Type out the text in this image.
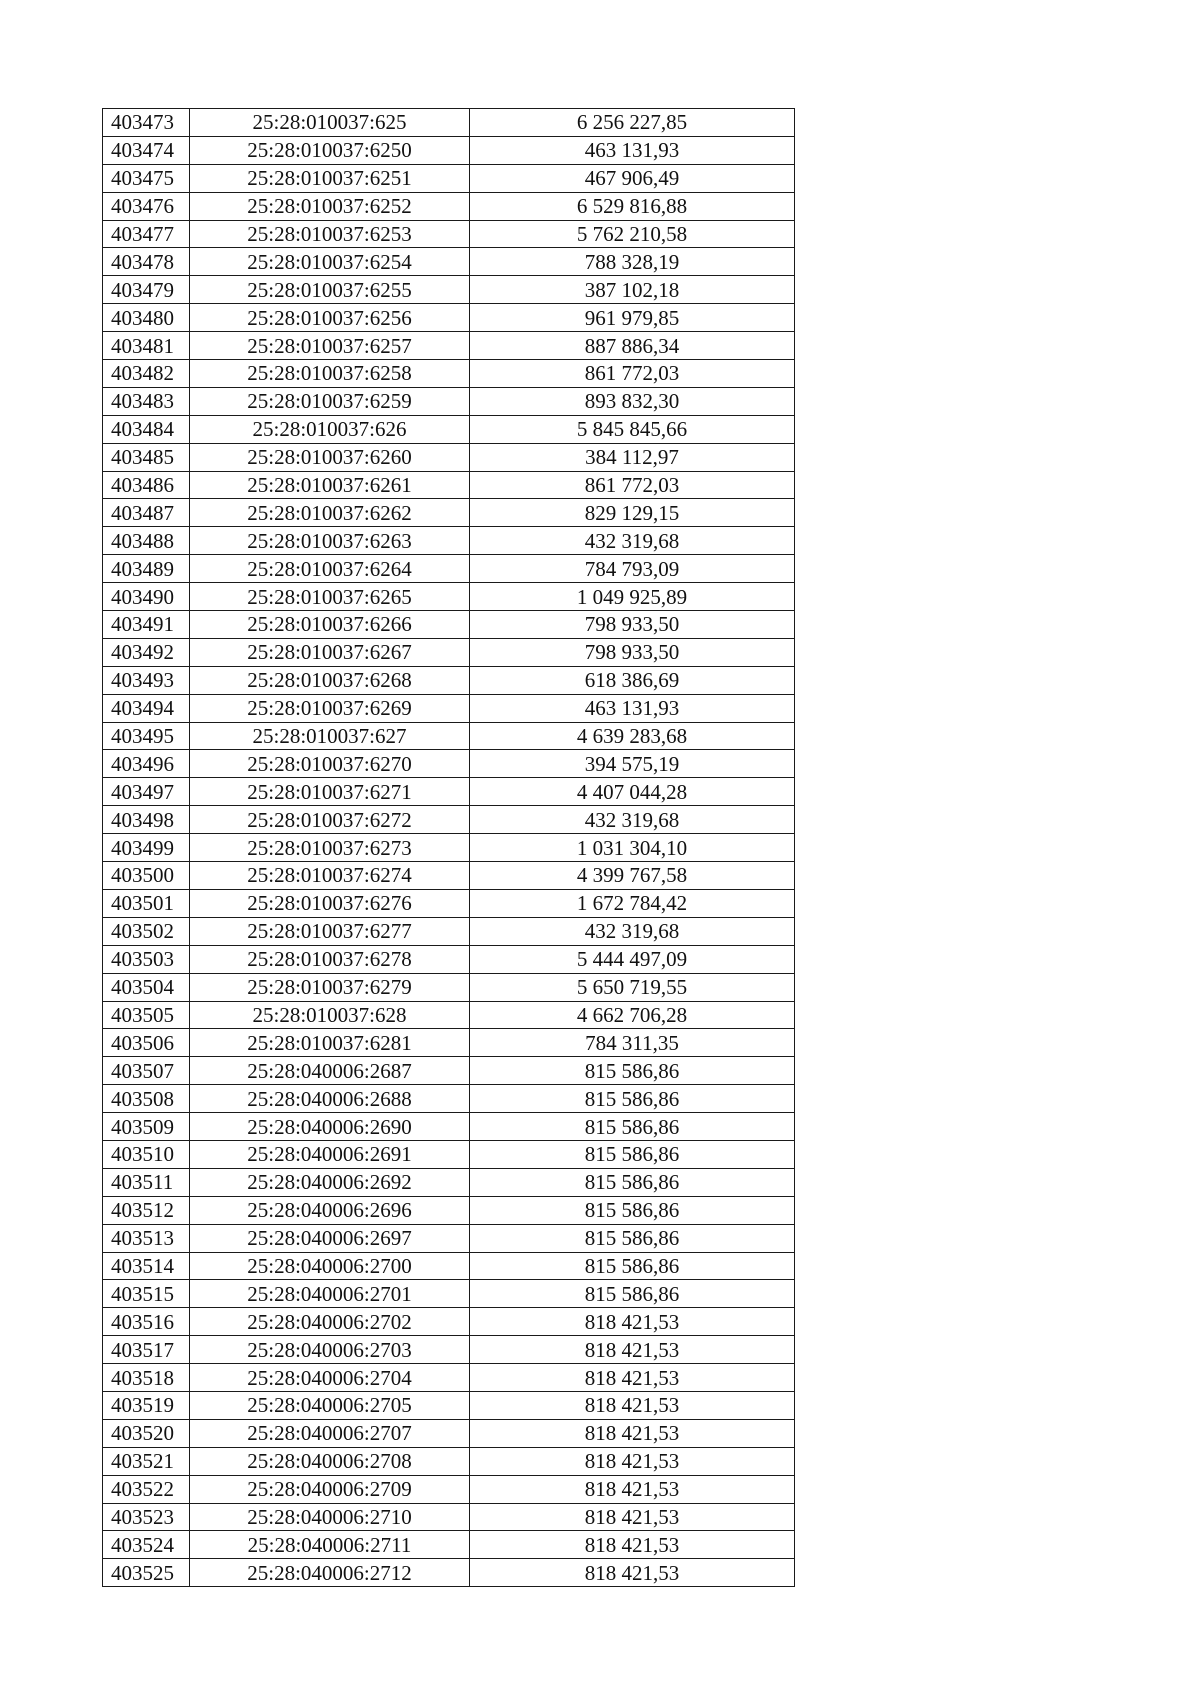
403473	25:28:010037:625	6 256 227,85
403474	25:28:010037:6250	463 131,93
403475	25:28:010037:6251	467 906,49
403476	25:28:010037:6252	6 529 816,88
403477	25:28:010037:6253	5 762 210,58
403478	25:28:010037:6254	788 328,19
403479	25:28:010037:6255	387 102,18
403480	25:28:010037:6256	961 979,85
403481	25:28:010037:6257	887 886,34
403482	25:28:010037:6258	861 772,03
403483	25:28:010037:6259	893 832,30
403484	25:28:010037:626	5 845 845,66
403485	25:28:010037:6260	384 112,97
403486	25:28:010037:6261	861 772,03
403487	25:28:010037:6262	829 129,15
403488	25:28:010037:6263	432 319,68
403489	25:28:010037:6264	784 793,09
403490	25:28:010037:6265	1 049 925,89
403491	25:28:010037:6266	798 933,50
403492	25:28:010037:6267	798 933,50
403493	25:28:010037:6268	618 386,69
403494	25:28:010037:6269	463 131,93
403495	25:28:010037:627	4 639 283,68
403496	25:28:010037:6270	394 575,19
403497	25:28:010037:6271	4 407 044,28
403498	25:28:010037:6272	432 319,68
403499	25:28:010037:6273	1 031 304,10
403500	25:28:010037:6274	4 399 767,58
403501	25:28:010037:6276	1 672 784,42
403502	25:28:010037:6277	432 319,68
403503	25:28:010037:6278	5 444 497,09
403504	25:28:010037:6279	5 650 719,55
403505	25:28:010037:628	4 662 706,28
403506	25:28:010037:6281	784 311,35
403507	25:28:040006:2687	815 586,86
403508	25:28:040006:2688	815 586,86
403509	25:28:040006:2690	815 586,86
403510	25:28:040006:2691	815 586,86
403511	25:28:040006:2692	815 586,86
403512	25:28:040006:2696	815 586,86
403513	25:28:040006:2697	815 586,86
403514	25:28:040006:2700	815 586,86
403515	25:28:040006:2701	815 586,86
403516	25:28:040006:2702	818 421,53
403517	25:28:040006:2703	818 421,53
403518	25:28:040006:2704	818 421,53
403519	25:28:040006:2705	818 421,53
403520	25:28:040006:2707	818 421,53
403521	25:28:040006:2708	818 421,53
403522	25:28:040006:2709	818 421,53
403523	25:28:040006:2710	818 421,53
403524	25:28:040006:2711	818 421,53
403525	25:28:040006:2712	818 421,53
